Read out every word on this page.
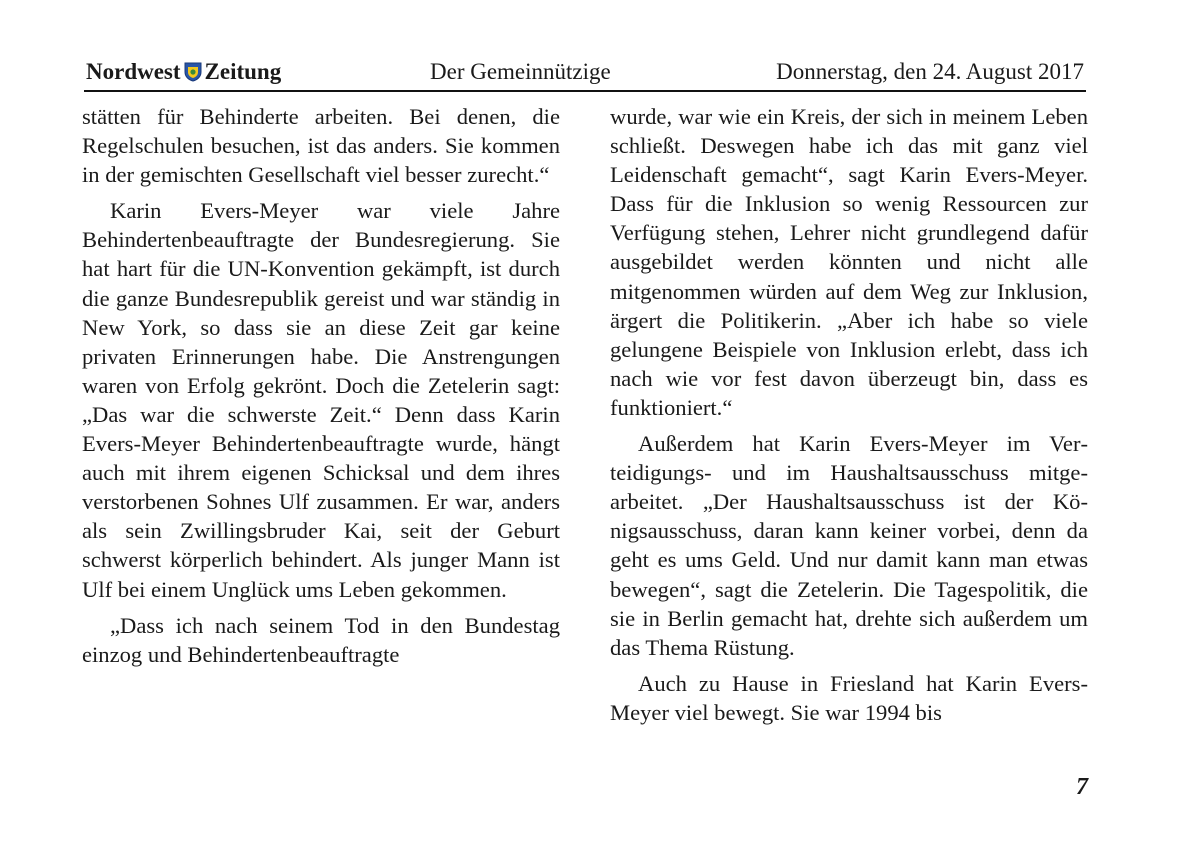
Nordwest Zeitung	Der Gemeinnützige	Donnerstag, den 24. August 2017

stätten für Behinderte arbeiten. Bei denen, die Regelschulen besuchen, ist das anders. Sie kommen in der gemischten Gesellschaft viel besser zurecht.“

Karin Evers-Meyer war viele Jahre Behindertenbeauftragte der Bundesregierung. Sie hat hart für die UN-Konvention gekämpft, ist durch die ganze Bundesrepublik gereist und war ständig in New York, so dass sie an diese Zeit gar keine privaten Erinnerungen habe. Die Anstrengungen waren von Erfolg gekrönt. Doch die Zetelerin sagt: „Das war die schwerste Zeit.“ Denn dass Karin Evers-Meyer Behindertenbeauftragte wurde, hängt auch mit ihrem eigenen Schicksal und dem ihres verstorbenen Sohnes Ulf zusammen. Er war, anders als sein Zwillingsbruder Kai, seit der Geburt schwerst körperlich behindert. Als junger Mann ist Ulf bei einem Unglück ums Leben gekommen.

„Dass ich nach seinem Tod in den Bundestag einzog und Behindertenbeauftragte

wurde, war wie ein Kreis, der sich in meinem Leben schließt. Deswegen habe ich das mit ganz viel Leidenschaft gemacht“, sagt Karin Evers-Meyer. Dass für die Inklusion so wenig Ressourcen zur Verfügung stehen, Lehrer nicht grundlegend dafür ausgebildet werden könnten und nicht alle mitgenommen würden auf dem Weg zur Inklusion, ärgert die Politikerin. „Aber ich habe so viele gelungene Beispiele von Inklusion erlebt, dass ich nach wie vor fest davon überzeugt bin, dass es funktioniert.“

Außerdem hat Karin Evers-Meyer im Verteidigungs- und im Haushaltsausschuss mitgearbeitet. „Der Haushaltsausschuss ist der Königsausschuss, daran kann keiner vorbei, denn da geht es ums Geld. Und nur damit kann man etwas bewegen“, sagt die Zetelerin. Die Tagespolitik, die sie in Berlin gemacht hat, drehte sich außerdem um das Thema Rüstung.

Auch zu Hause in Friesland hat Karin Evers-Meyer viel bewegt. Sie war 1994 bis

7
